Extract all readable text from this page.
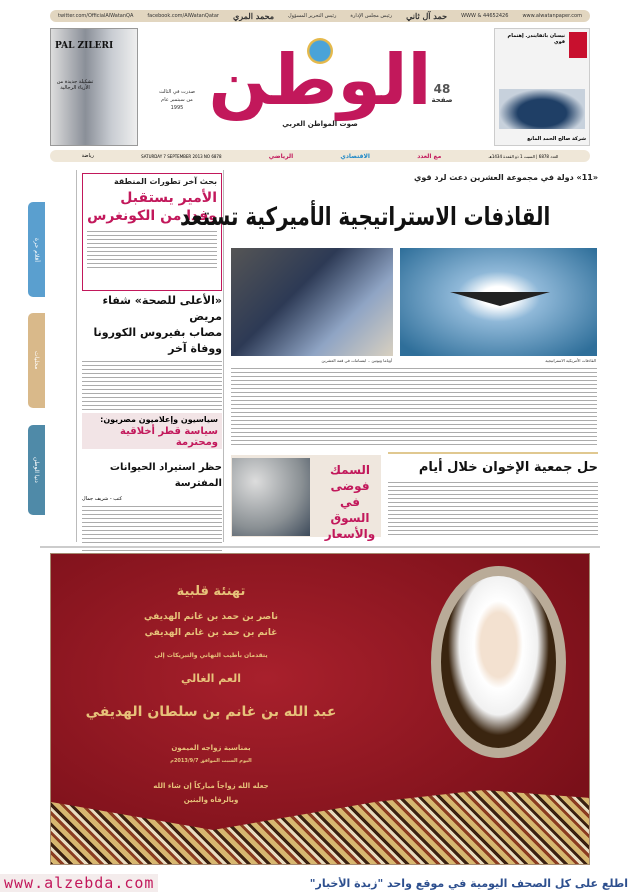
twitter.com/OfficialAlWatanQA	facebook.com/AlWatanQatar محمد المري	رئيس التحرير المسؤول	رئيس مجلس الإدارة حمد آل ثاني	WWW & 44652426	www.alwatanpaper.com
PAL ZILERI
تشكيلة جديدة من الأزياء الرجالية
صدرت في الثالث من سبتمبر عام 1995 الوطن
صوت المواطن العربي
48
صفحة
نيسان باثفايندر. إهتمام قوي
شركة صالح الحمد المانع
العدد 6878 | السبت 1 ذو القعدة 1434هـ
مع العدد
الاقتصادي
الرياضي
SATURDAY 7 SEPTEMBER 2013 NO 6878
رياضة
أقلام حرة
محليات
دنيا الوطن
بحث آخر تطورات المنطقة
الأمير يستقبل وفدا من الكونغرس
«الأعلى للصحة» شفاء مريض
مصاب بفيروس الكورونا ووفاة آخر
سياسيون وإعلاميون مصريون:
سياسة قطر أخلاقية ومحترمة
حظر استيراد الحيوانات المفترسة
كتب - شريف جمال
«11» دولة في مجموعة العشرين دعت لرد قوي
القاذفات الاستراتيجية الأميركية تستعد
أوباما وبوتين .. ابتسامات في قمة العشرين	القاذفات الأمريكية الاستراتيجية
السمك فوضى في السوق والأسعار
حل جمعية الإخوان خلال أيام
تهنئة قلبية
ناصر بن حمد بن غانم الهديفي
غانم بن حمد بن غانم الهديفي
يتقدمان بأطيب التهاني والتبريكات إلى
العم الغالي
عبد الله بن غانم بن سلطان الهديفي
بمناسبة زواجه الميمون
اليوم السبت الموافق 2013/9/7م
جعله الله زواجاً مباركاً إن شاء الله
وبالرفاه والبنين
www.alzebda.com	اطلع على كل الصحف اليومية في موقع واحد "زبدة الأخبار"
